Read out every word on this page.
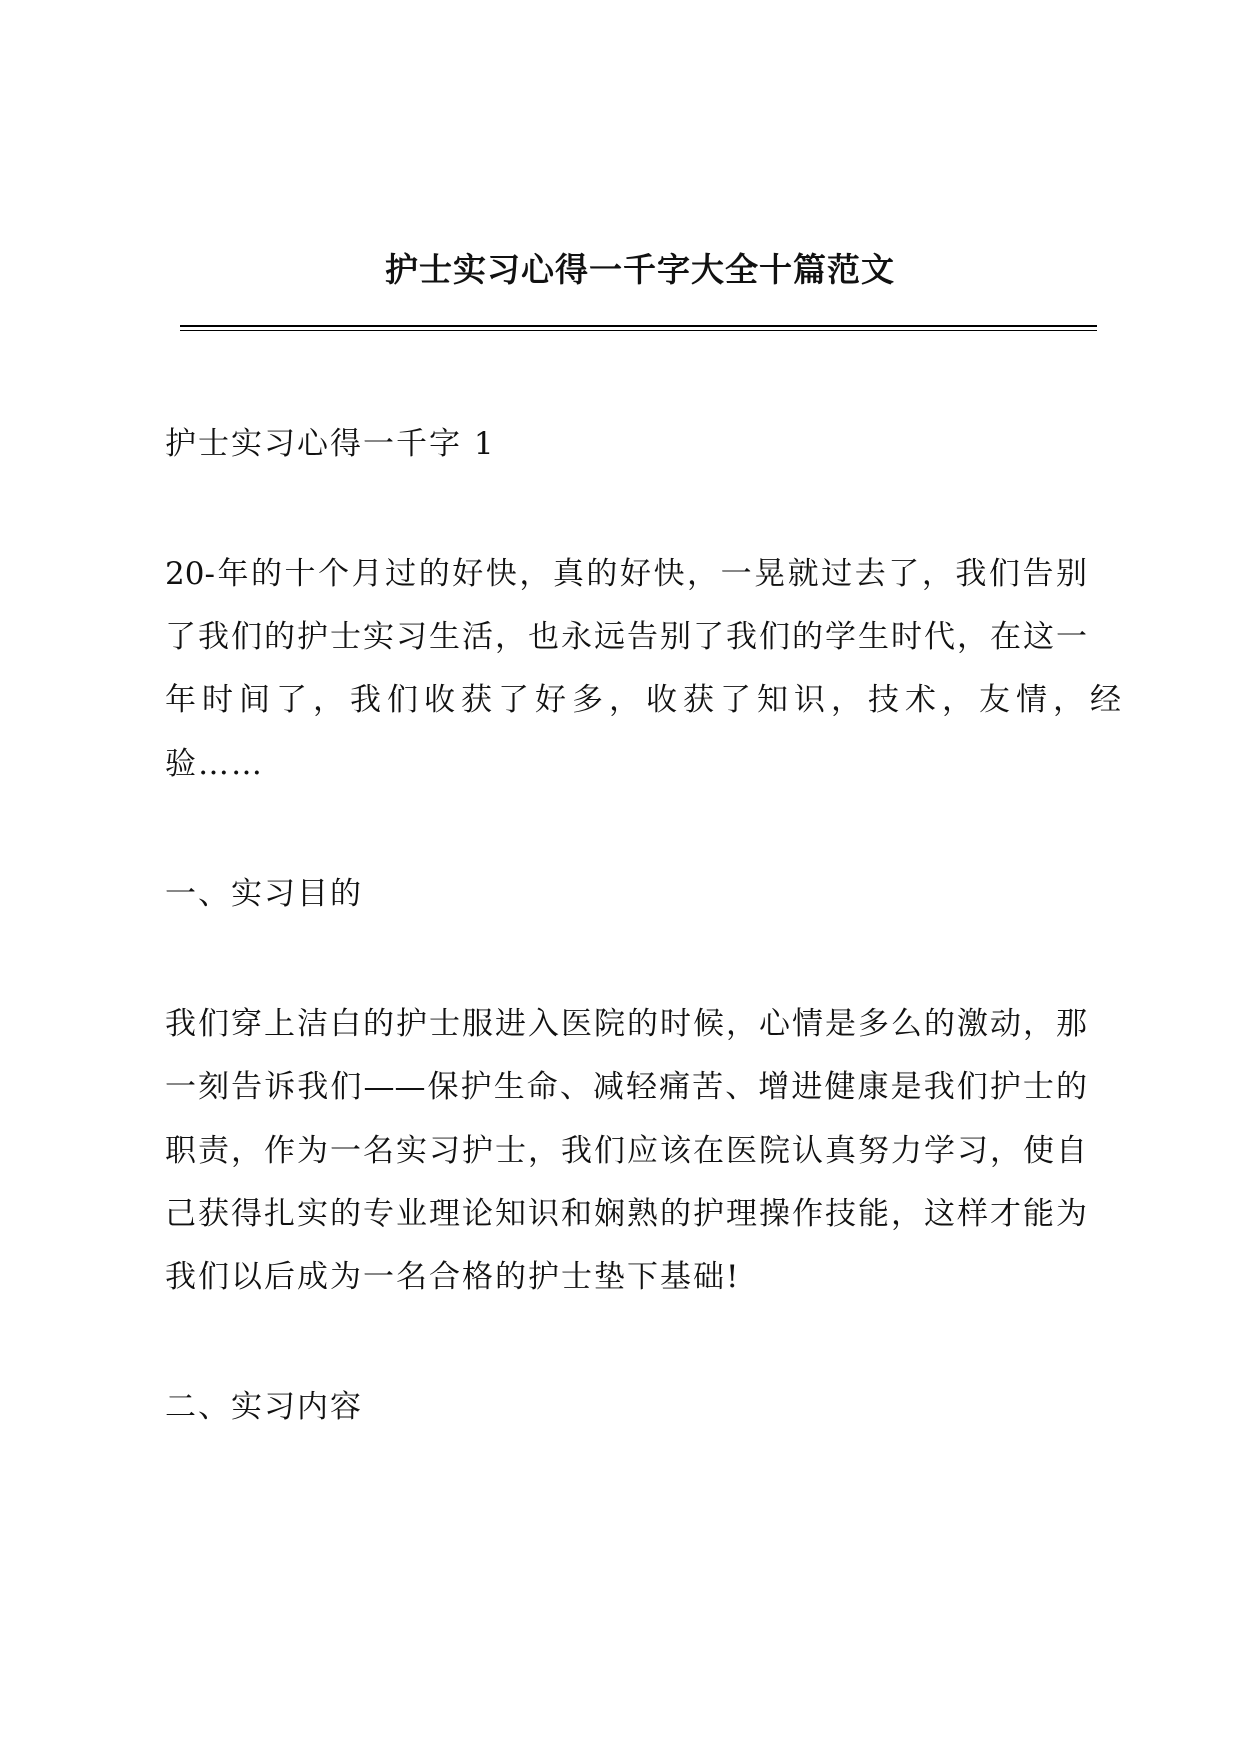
护士实习心得一千字大全十篇范文
护士实习心得一千字 1
20-年的十个月过的好快，真的好快，一晃就过去了，我们告别
了我们的护士实习生活，也永远告别了我们的学生时代，在这一
年时间了，我们收获了好多，收获了知识，技术，友情，经
验……
一、实习目的
我们穿上洁白的护士服进入医院的时候，心情是多么的激动，那
一刻告诉我们——保护生命、减轻痛苦、增进健康是我们护士的
职责，作为一名实习护士，我们应该在医院认真努力学习，使自
己获得扎实的专业理论知识和娴熟的护理操作技能，这样才能为
我们以后成为一名合格的护士垫下基础!
二、实习内容
